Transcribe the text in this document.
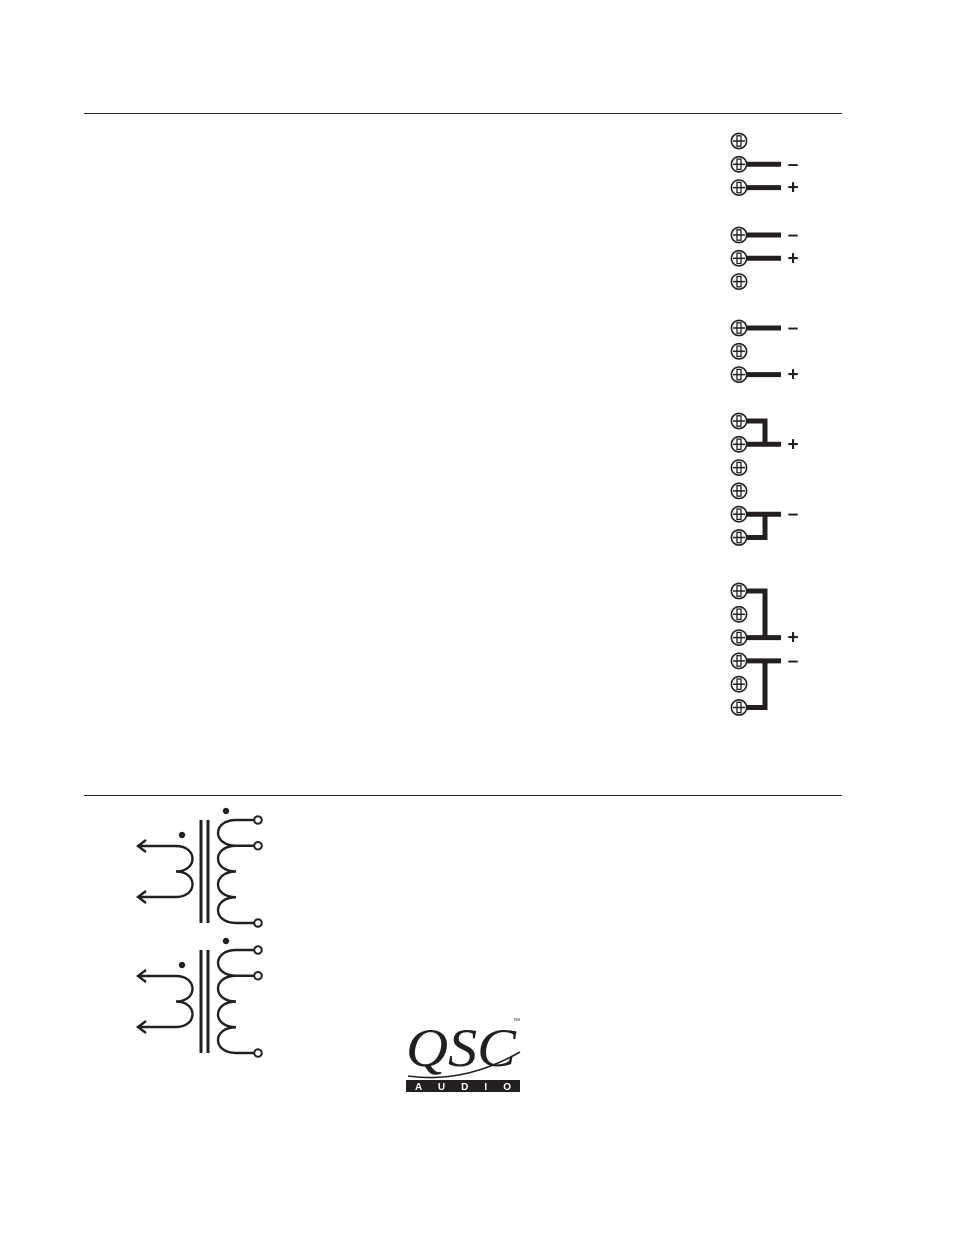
–
+
–
+
–
+
+
–
+
–
QSC
™
A U D I O
